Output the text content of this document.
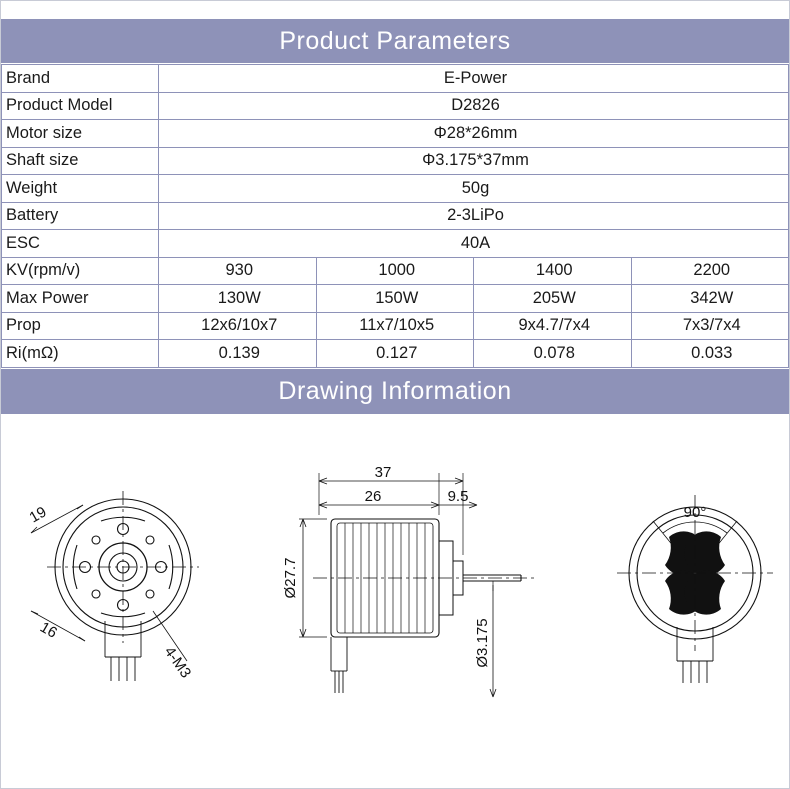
Product Parameters
Brand	E-Power			
Product Model	D2826			
Motor size	Φ28*26mm			
Shaft size	Φ3.175*37mm			
Weight	50g			
Battery	2-3LiPo			
ESC	40A			
KV(rpm/v)	930	1000	1400	2200
Max Power	130W	150W	205W	342W
Prop	12x6/10x7	11x7/10x5	9x4.7/7x4	7x3/7x4
Ri(mΩ)	0.139	0.127	0.078	0.033
Drawing Information
19
16
4-M3
37
26	9.5
Ø27.7
Ø3.175
90°
